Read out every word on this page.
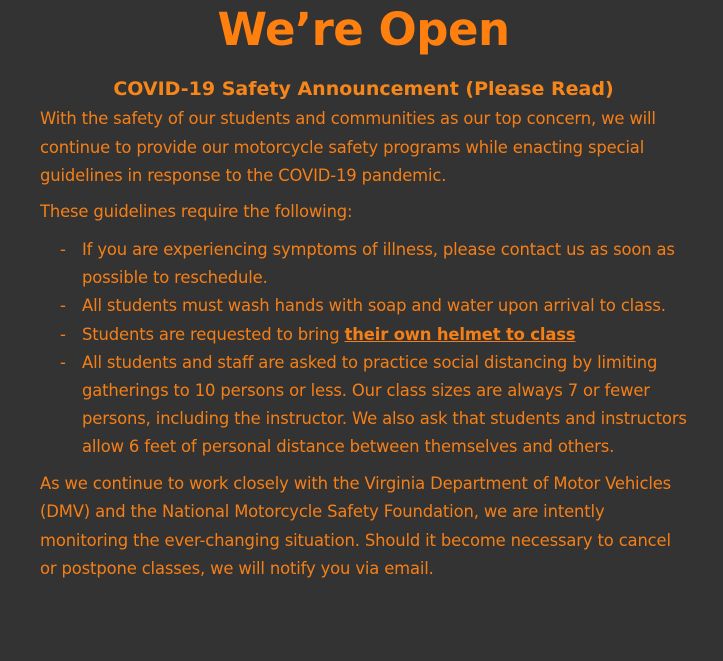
We’re Open
COVID-19 Safety Announcement (Please Read)

With the safety of our students and communities as our top concern, we will continue to provide our motorcycle safety programs while enacting special guidelines in response to the COVID-19 pandemic.

These guidelines require the following:

- If you are experiencing symptoms of illness, please contact us as soon as possible to reschedule.
- All students must wash hands with soap and water upon arrival to class.
- Students are requested to bring their own helmet to class
- All students and staff are asked to practice social distancing by limiting gatherings to 10 persons or less. Our class sizes are always 7 or fewer persons, including the instructor. We also ask that students and instructors allow 6 feet of personal distance between themselves and others.

As we continue to work closely with the Virginia Department of Motor Vehicles (DMV) and the National Motorcycle Safety Foundation, we are intently monitoring the ever-changing situation. Should it become necessary to cancel or postpone classes, we will notify you via email.
